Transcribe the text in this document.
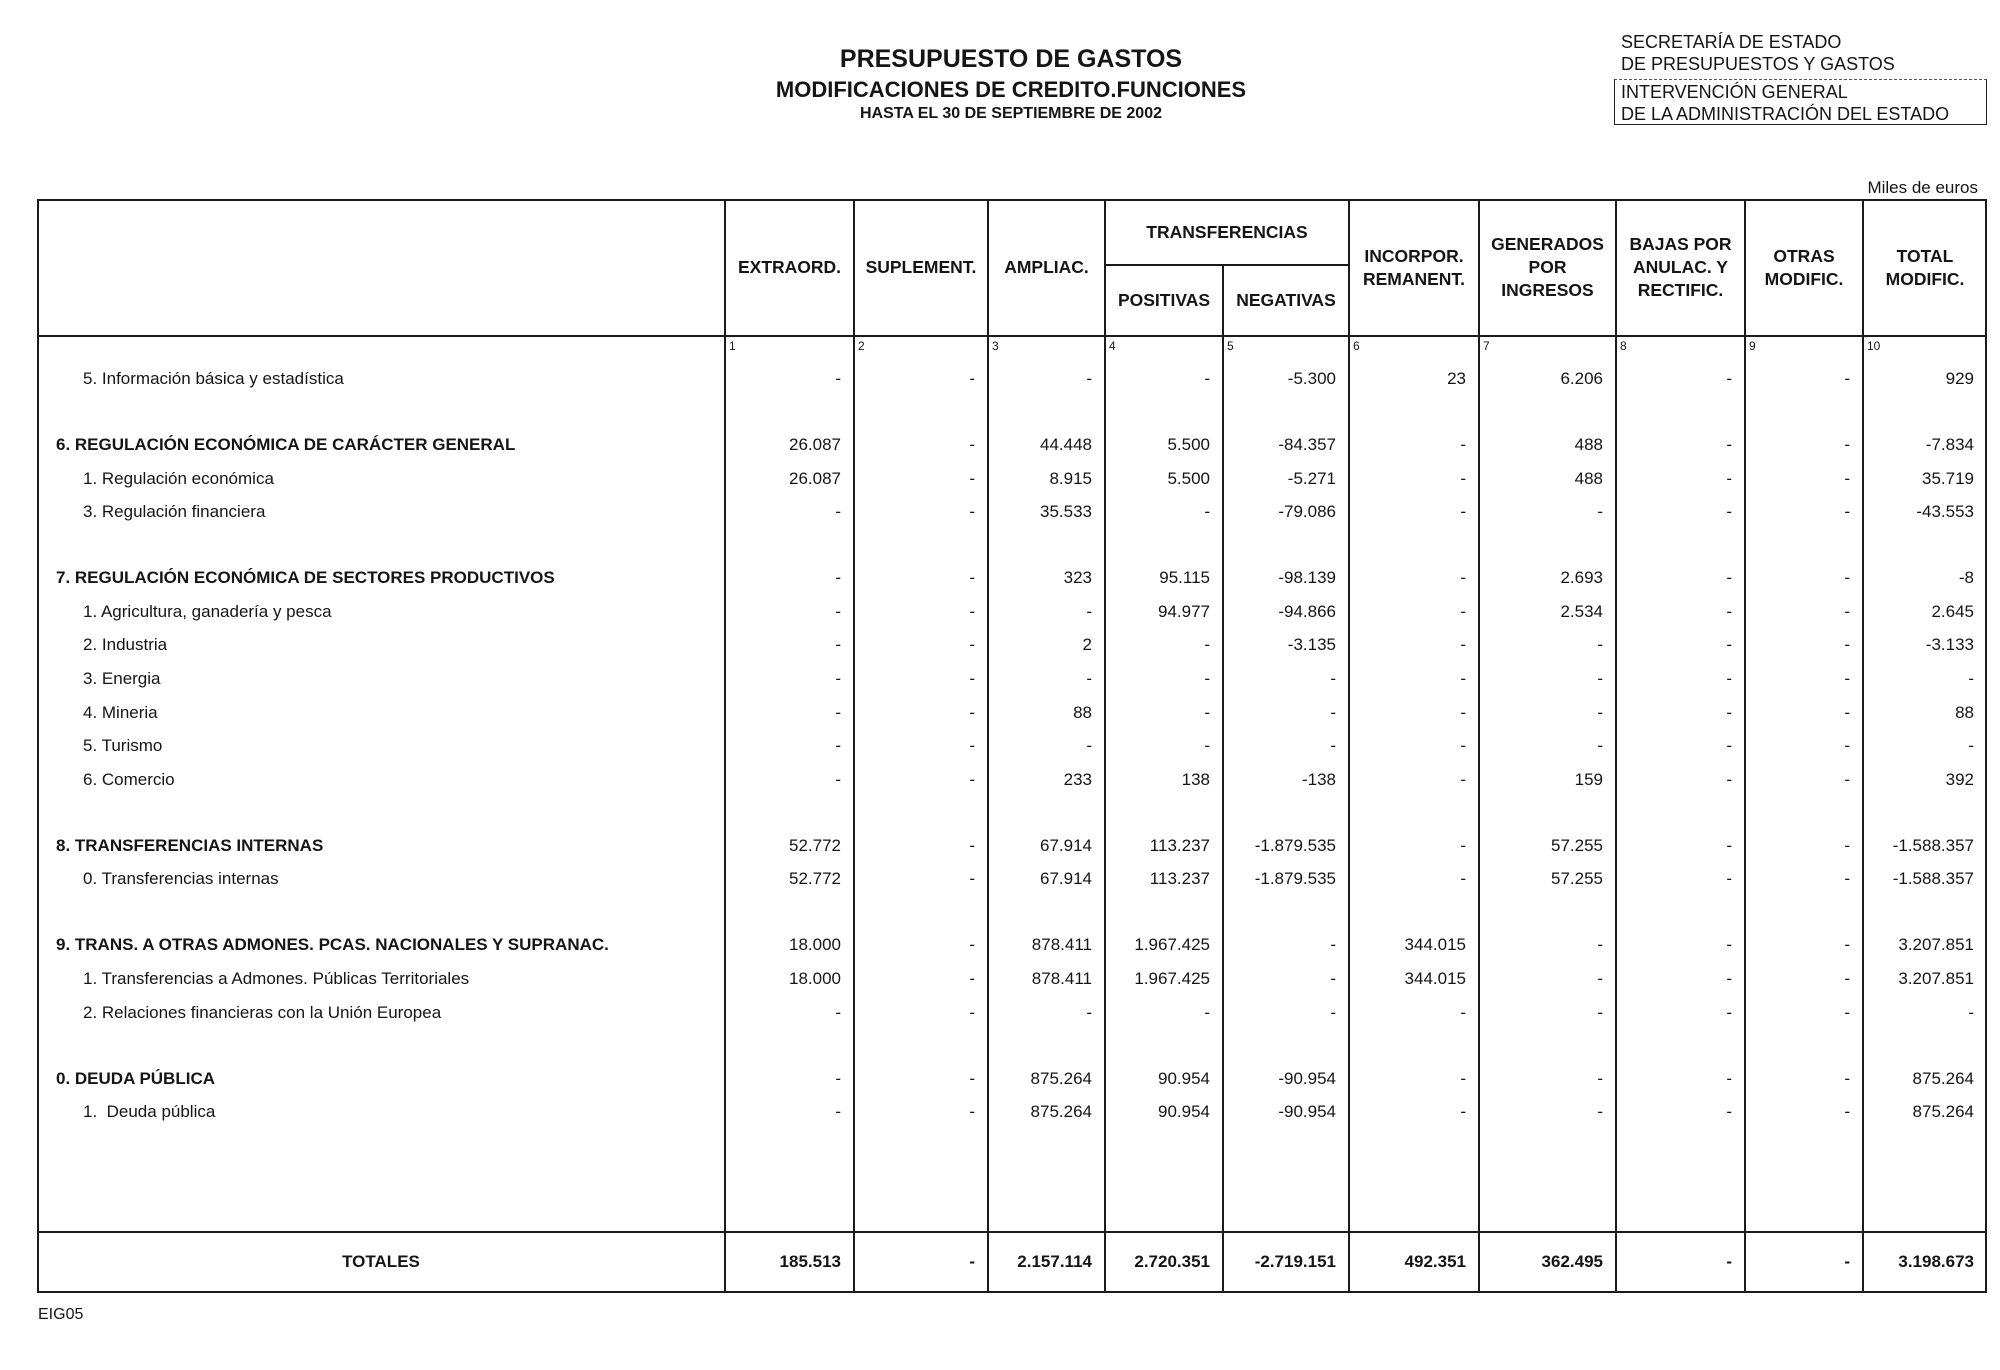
PRESUPUESTO DE GASTOS
MODIFICACIONES DE CREDITO.FUNCIONES
HASTA EL 30 DE SEPTIEMBRE DE 2002
SECRETARÍA DE ESTADO
DE PRESUPUESTOS Y GASTOS
INTERVENCIÓN GENERAL
DE LA ADMINISTRACIÓN DEL ESTADO
Miles de euros
EXTRAORD. SUPLEMENT. AMPLIAC.
TRANSFERENCIAS
POSITIVAS NEGATIVAS
INCORPOR.
REMANENT.
GENERADOS
POR
INGRESOS
BAJAS POR
ANULAC. Y
RECTIFIC.
OTRAS
MODIFIC.
TOTAL
MODIFIC.
1	2	3	4	5	6	7	8	9	10
5. Información básica y estadística	-	-	-	-	-5.300	23	6.206	-	-	929
6. REGULACIÓN ECONÓMICA DE CARÁCTER GENERAL	26.087	-	44.448	5.500	-84.357	-	488	-	-	-7.834
1. Regulación económica	26.087	-	8.915	5.500	-5.271	-	488	-	-	35.719
3. Regulación financiera	-	-	35.533	-	-79.086	-	-	-	-	-43.553
7. REGULACIÓN ECONÓMICA DE SECTORES PRODUCTIVOS	-	-	323	95.115	-98.139	-	2.693	-	-	-8
1. Agricultura, ganadería y pesca	-	-	-	94.977	-94.866	-	2.534	-	-	2.645
2. Industria	-	-	2	-	-3.135	-	-	-	-	-3.133
3. Energia	-	-	-	-	-	-	-	-	-	-
4. Mineria	-	-	88	-	-	-	-	-	-	88
5. Turismo	-	-	-	-	-	-	-	-	-	-
6. Comercio	-	-	233	138	-138	-	159	-	-	392
8. TRANSFERENCIAS INTERNAS	52.772	-	67.914	113.237	-1.879.535	-	57.255	-	-	-1.588.357
0. Transferencias internas	52.772	-	67.914	113.237	-1.879.535	-	57.255	-	-	-1.588.357
9. TRANS. A OTRAS ADMONES. PCAS. NACIONALES Y SUPRANAC.	18.000	-	878.411	1.967.425	-	344.015	-	-	-	3.207.851
1. Transferencias a Admones. Públicas Territoriales	18.000	-	878.411	1.967.425	-	344.015	-	-	-	3.207.851
2. Relaciones financieras con la Unión Europea	-	-	-	-	-	-	-	-	-	-
0. DEUDA PÚBLICA	-	-	875.264	90.954	-90.954	-	-	-	-	875.264
1.  Deuda pública	-	-	875.264	90.954	-90.954	-	-	-	-	875.264
TOTALES	185.513	-	2.157.114	2.720.351	-2.719.151	492.351	362.495	-	-	3.198.673
EIG05
